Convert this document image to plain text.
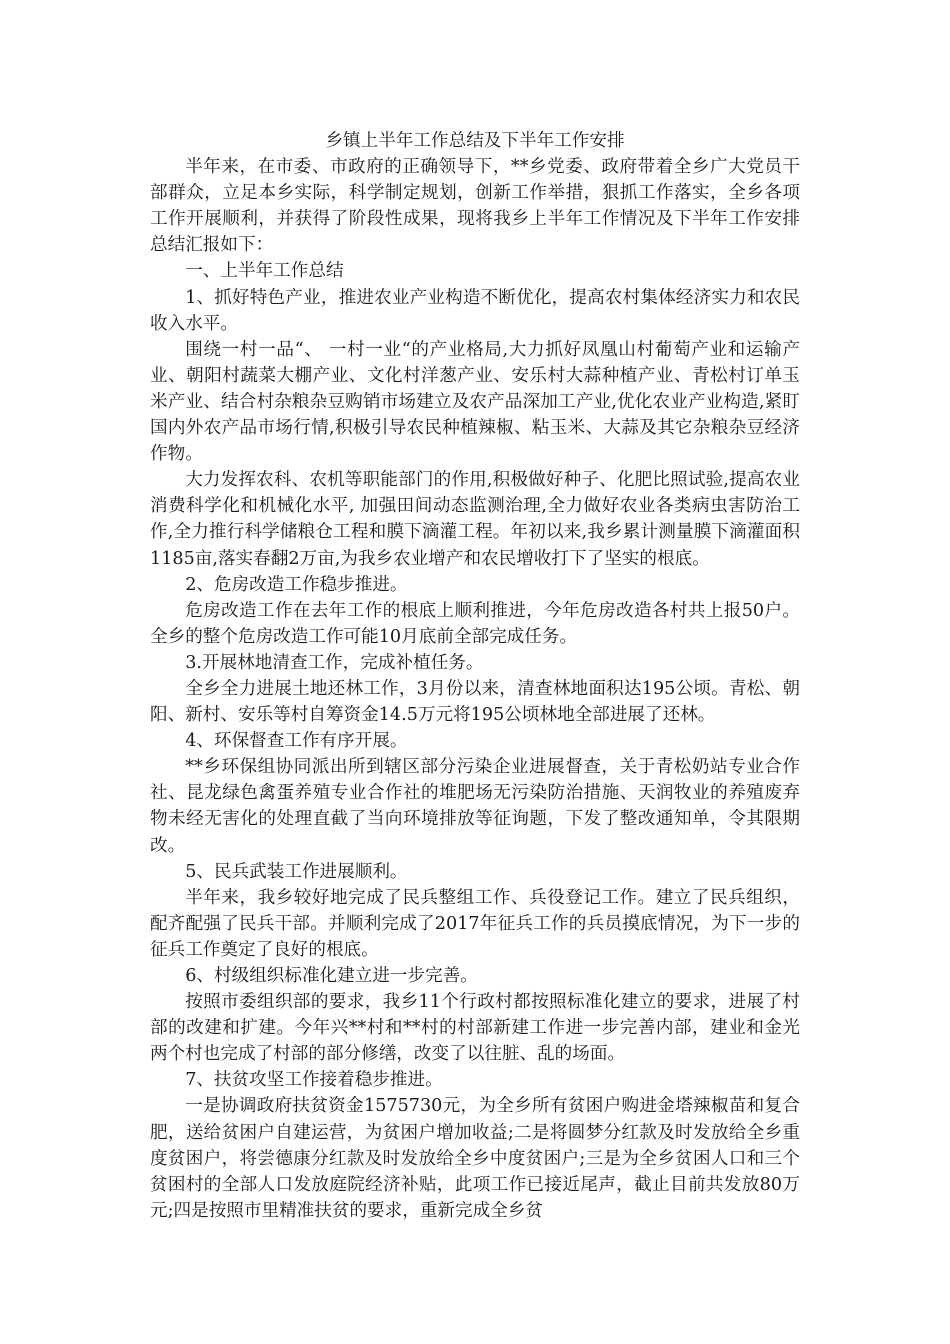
乡镇上半年工作总结及下半年工作安排

半年来，在市委、市政府的正确领导下，**乡党委、政府带着全乡广大党员干部群众，立足本乡实际，科学制定规划，创新工作举措，狠抓工作落实，全乡各项工作开展顺利，并获得了阶段性成果，现将我乡上半年工作情况及下半年工作安排总结汇报如下：

一、上半年工作总结

1、抓好特色产业，推进农业产业构造不断优化，提高农村集体经济实力和农民收入水平。

围绕一村一品“、 一村一业“的产业格局,大力抓好凤凰山村葡萄产业和运输产业、朝阳村蔬菜大棚产业、文化村洋葱产业、安乐村大蒜种植产业、青松村订单玉米产业、结合村杂粮杂豆购销市场建立及农产品深加工产业,优化农业产业构造,紧盯国内外农产品市场行情,积极引导农民种植辣椒、粘玉米、大蒜及其它杂粮杂豆经济作物。

大力发挥农科、农机等职能部门的作用,积极做好种子、化肥比照试验,提高农业消费科学化和机械化水平, 加强田间动态监测治理,全力做好农业各类病虫害防治工作,全力推行科学储粮仓工程和膜下滴灌工程。年初以来,我乡累计测量膜下滴灌面积1185亩,落实春翻2万亩,为我乡农业增产和农民增收打下了坚实的根底。

2、危房改造工作稳步推进。

危房改造工作在去年工作的根底上顺利推进，今年危房改造各村共上报50户。全乡的整个危房改造工作可能10月底前全部完成任务。

3.开展林地清查工作，完成补植任务。

全乡全力进展土地还林工作，3月份以来，清查林地面积达195公顷。青松、朝阳、新村、安乐等村自筹资金14.5万元将195公顷林地全部进展了还林。

4、环保督查工作有序开展。

**乡环保组协同派出所到辖区部分污染企业进展督查，关于青松奶站专业合作社、昆龙绿色禽蛋养殖专业合作社的堆肥场无污染防治措施、天润牧业的养殖废弃物未经无害化的处理直截了当向环境排放等征询题，下发了整改通知单，令其限期改。

5、民兵武装工作进展顺利。

半年来，我乡较好地完成了民兵整组工作、兵役登记工作。建立了民兵组织，配齐配强了民兵干部。并顺利完成了2017年征兵工作的兵员摸底情况，为下一步的征兵工作奠定了良好的根底。

6、村级组织标准化建立进一步完善。

按照市委组织部的要求，我乡11个行政村都按照标准化建立的要求，进展了村部的改建和扩建。今年兴**村和**村的村部新建工作进一步完善内部，建业和金光两个村也完成了村部的部分修缮，改变了以往脏、乱的场面。

7、扶贫攻坚工作接着稳步推进。

一是协调政府扶贫资金1575730元，为全乡所有贫困户购进金塔辣椒苗和复合肥，送给贫困户自建运营，为贫困户增加收益;二是将圆梦分红款及时发放给全乡重度贫困户，将尝德康分红款及时发放给全乡中度贫困户;三是为全乡贫困人口和三个贫困村的全部人口发放庭院经济补贴，此项工作已接近尾声，截止目前共发放80万元;四是按照市里精准扶贫的要求，重新完成全乡贫
